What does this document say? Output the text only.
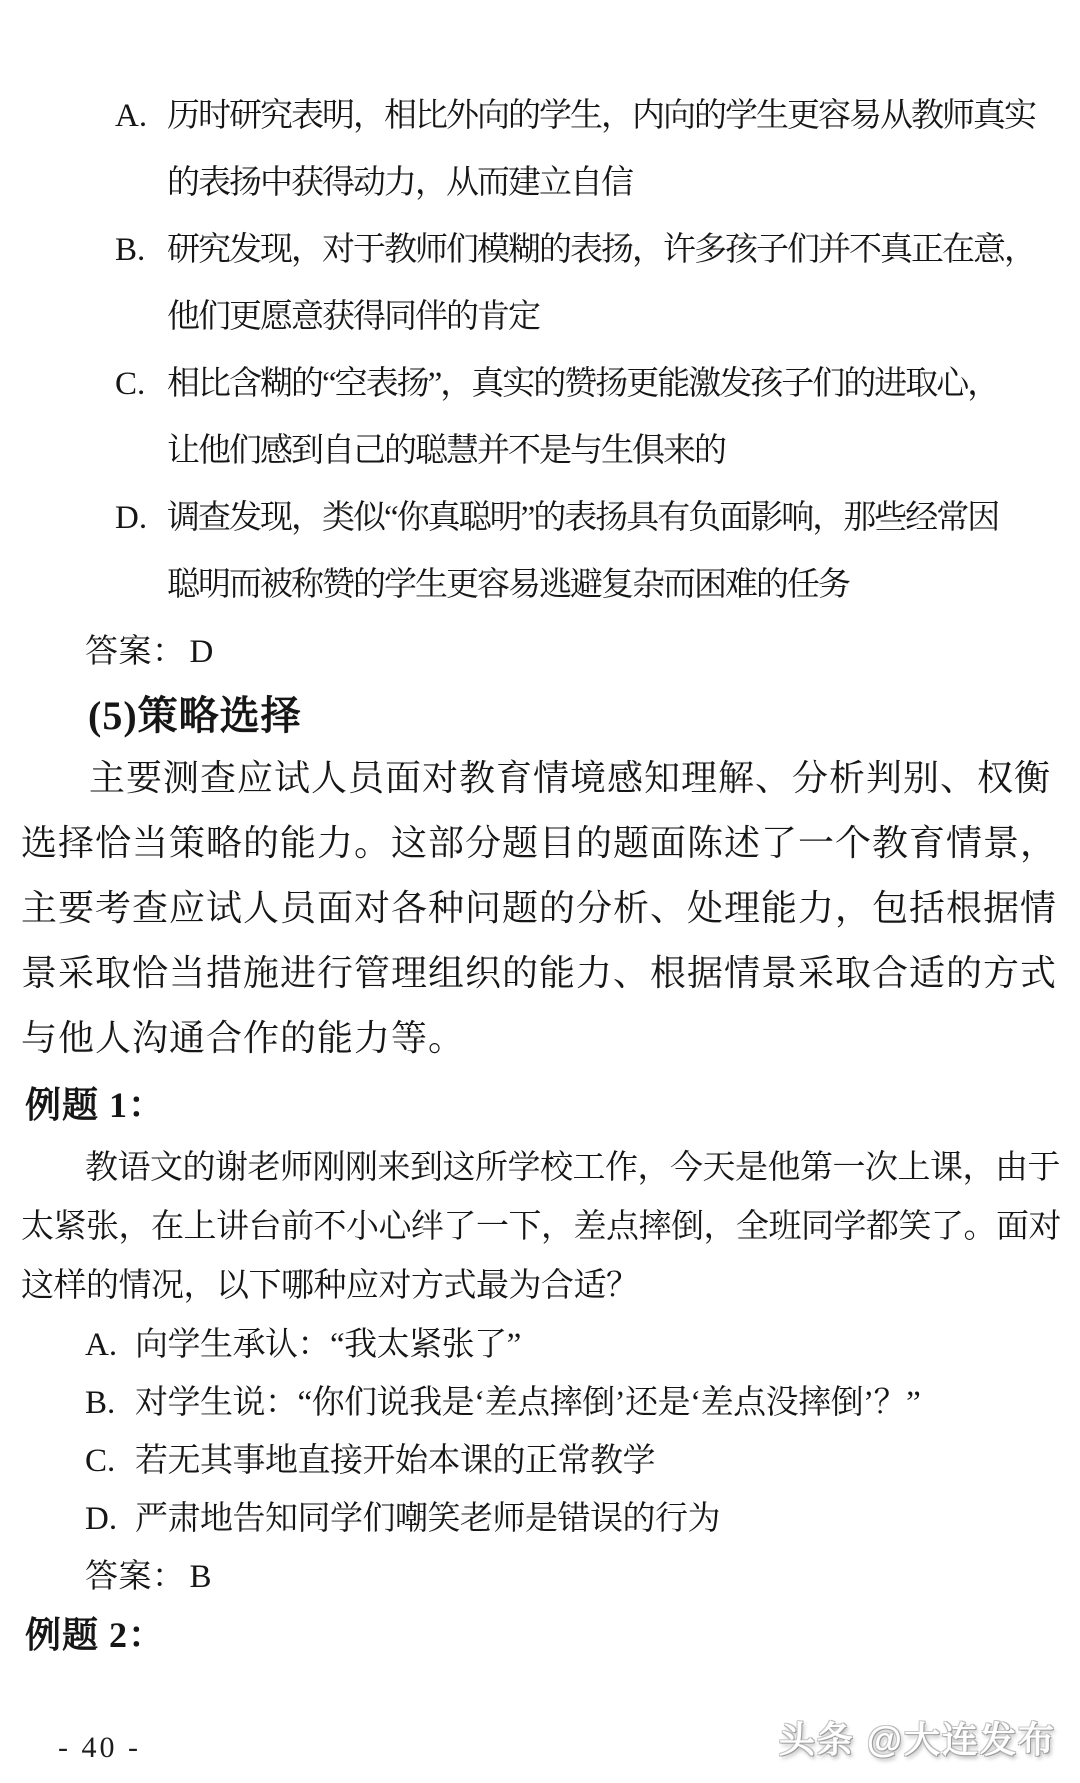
A. 历时研究表明，相比外向的学生，内向的学生更容易从教师真实
的表扬中获得动力，从而建立自信
B. 研究发现，对于教师们模糊的表扬，许多孩子们并不真正在意，
他们更愿意获得同伴的肯定
C. 相比含糊的“空表扬”，真实的赞扬更能激发孩子们的进取心，
让他们感到自己的聪慧并不是与生俱来的
D. 调查发现，类似“你真聪明”的表扬具有负面影响，那些经常因
聪明而被称赞的学生更容易逃避复杂而困难的任务
答案： D
(5)策略选择
主要测查应试人员面对教育情境感知理解、分析判别、权衡
选择恰当策略的能力。这部分题目的题面陈述了一个教育情景，
主要考查应试人员面对各种问题的分析、处理能力，包括根据情
景采取恰当措施进行管理组织的能力、根据情景采取合适的方式
与他人沟通合作的能力等。
例题 1：
教语文的谢老师刚刚来到这所学校工作，今天是他第一次上课，由于
太紧张，在上讲台前不小心绊了一下，差点摔倒，全班同学都笑了。面对
这样的情况，以下哪种应对方式最为合适？
A. 向学生承认：“我太紧张了”
B. 对学生说：“你们说我是‘差点摔倒’还是‘差点没摔倒’？”
C. 若无其事地直接开始本课的正常教学
D. 严肃地告知同学们嘲笑老师是错误的行为
答案： B
例题 2：
- 40 -	头条 @大连发布
